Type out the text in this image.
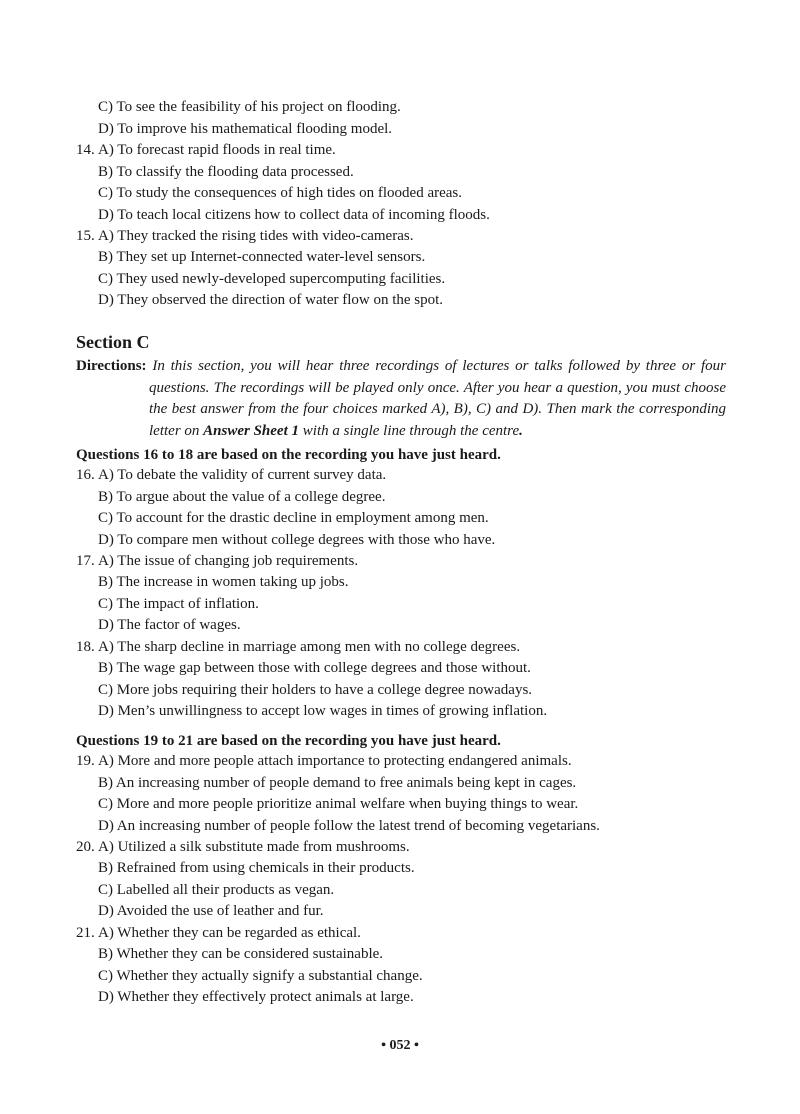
C) To see the feasibility of his project on flooding.
D) To improve his mathematical flooding model.
14. A) To forecast rapid floods in real time.
B) To classify the flooding data processed.
C) To study the consequences of high tides on flooded areas.
D) To teach local citizens how to collect data of incoming floods.
15. A) They tracked the rising tides with video-cameras.
B) They set up Internet-connected water-level sensors.
C) They used newly-developed supercomputing facilities.
D) They observed the direction of water flow on the spot.
Section C
Directions: In this section, you will hear three recordings of lectures or talks followed by three or four
questions. The recordings will be played only once. After you hear a question, you must choose
the best answer from the four choices marked A), B), C) and D). Then mark the corresponding
letter on Answer Sheet 1 with a single line through the centre.
Questions 16 to 18 are based on the recording you have just heard.
16. A) To debate the validity of current survey data.
B) To argue about the value of a college degree.
C) To account for the drastic decline in employment among men.
D) To compare men without college degrees with those who have.
17. A) The issue of changing job requirements.
B) The increase in women taking up jobs.
C) The impact of inflation.
D) The factor of wages.
18. A) The sharp decline in marriage among men with no college degrees.
B) The wage gap between those with college degrees and those without.
C) More jobs requiring their holders to have a college degree nowadays.
D) Men’s unwillingness to accept low wages in times of growing inflation.
Questions 19 to 21 are based on the recording you have just heard.
19. A) More and more people attach importance to protecting endangered animals.
B) An increasing number of people demand to free animals being kept in cages.
C) More and more people prioritize animal welfare when buying things to wear.
D) An increasing number of people follow the latest trend of becoming vegetarians.
20. A) Utilized a silk substitute made from mushrooms.
B) Refrained from using chemicals in their products.
C) Labelled all their products as vegan.
D) Avoided the use of leather and fur.
21. A) Whether they can be regarded as ethical.
B) Whether they can be considered sustainable.
C) Whether they actually signify a substantial change.
D) Whether they effectively protect animals at large.
• 052 •
